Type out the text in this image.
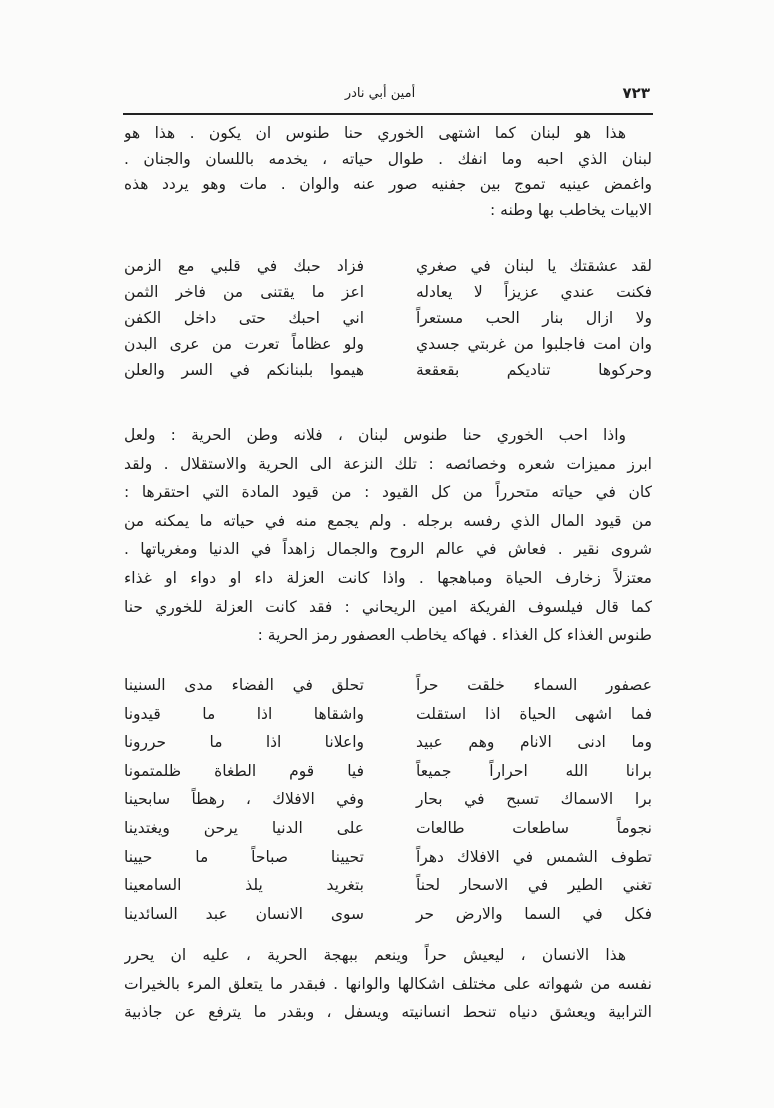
٧٢٣
أمين أبي نادر
هذا هو لبنان كما اشتهى الخوري حنا طنوس ان يكون . هذا هو
لبنان الذي احبه وما انفك . طوال حياته ، يخدمه باللسان والجنان .
واغمض عينيه تموج بين جفنيه صور عنه والوان . مات وهو يردد هذه
الابيات يخاطب بها وطنه :
لقد عشقتك يا لبنان في صغري
فزاد حبك في قلبي مع الزمن
فكنت عندي عزيزاً لا يعادله
اعز ما يقتنى من فاخر الثمن
ولا ازال بنار الحب مستعراً
اني احبك حتى داخل الكفن
وان امت فاجلبوا من غربتي جسدي
ولو عظاماً تعرت من عرى البدن
وحركوها تناديكم بقعقعة
هيموا بلبنانكم في السر والعلن
واذا احب الخوري حنا طنوس لبنان ، فلانه وطن الحرية : ولعل
ابرز مميزات شعره وخصائصه : تلك النزعة الى الحرية والاستقلال . ولقد
كان في حياته متحرراً من كل القيود : من قيود المادة التي احتقرها :
من قيود المال الذي رفسه برجله . ولم يجمع منه في حياته ما يمكنه من
شروى نقير . فعاش في عالم الروح والجمال زاهداً في الدنيا ومغرياتها .
معتزلاً زخارف الحياة ومباهجها . واذا كانت العزلة داء او دواء او غذاء
كما قال فيلسوف الفريكة امين الريحاني : فقد كانت العزلة للخوري حنا
طنوس الغذاء كل الغذاء . فهاكه يخاطب العصفور رمز الحرية :
عصفور السماء خلقت حراً
تحلق في الفضاء مدى السنينا
فما اشهى الحياة اذا استقلت
واشقاها اذا ما قيدونا
وما ادنى الانام وهم عبيد
واعلانا اذا ما حررونا
برانا الله احراراً جميعاً
فيا قوم الطغاة ظلمتمونا
برا الاسماك تسبح في بحار
وفي الافلاك ، رهطاً سابحينا
نجوماً ساطعات طالعات
على الدنيا يرحن ويغتدينا
تطوف الشمس في الافلاك دهراً
تحيينا صباحاً ما حيينا
تغني الطير في الاسحار لحناً
بتغريد يلذ السامعينا
فكل في السما والارض حر
سوى الانسان عبد السائدينا
هذا الانسان ، ليعيش حراً وينعم ببهجة الحرية ، عليه ان يحرر
نفسه من شهواته على مختلف اشكالها والوانها . فبقدر ما يتعلق المرء بالخيرات
الترابية ويعشق دنياه تنحط انسانيته ويسفل ، وبقدر ما يترفع عن جاذبية
